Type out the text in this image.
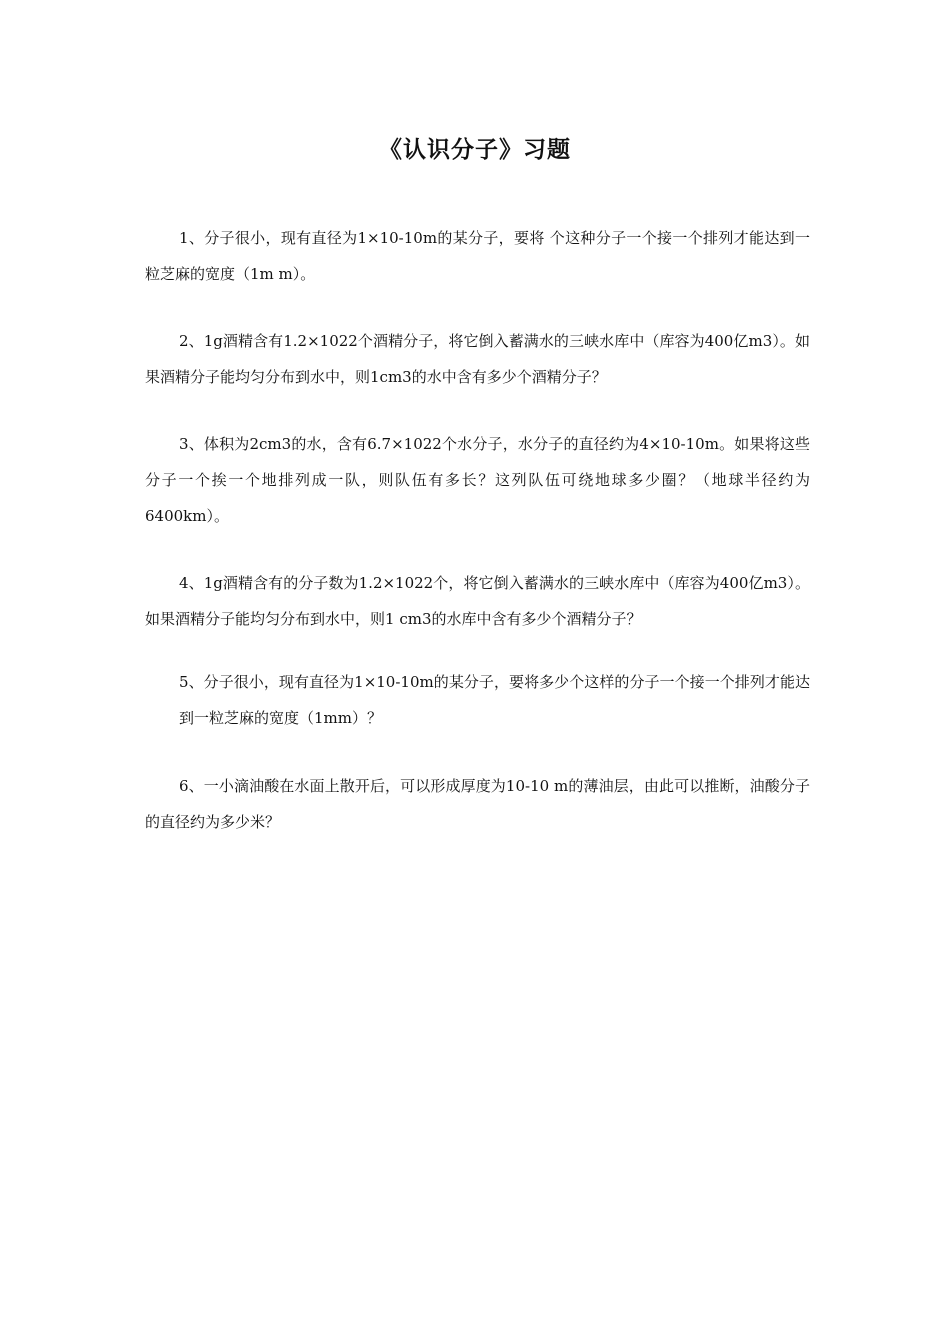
《认识分子》习题

1、分子很小，现有直径为1×10-10m的某分子，要将 个这种分子一个接一个排列才能达到一粒芝麻的宽度（1m m）。

2、1g酒精含有1.2×1022个酒精分子，将它倒入蓄满水的三峡水库中（库容为400亿m3）。如果酒精分子能均匀分布到水中，则1cm3的水中含有多少个酒精分子？

3、体积为2cm3的水，含有6.7×1022个水分子，水分子的直径约为4×10-10m。如果将这些分子一个挨一个地排列成一队，则队伍有多长？这列队伍可绕地球多少圈？（地球半径约为6400km）。

4、1g酒精含有的分子数为1.2×1022个，将它倒入蓄满水的三峡水库中（库容为400亿m3）。如果酒精分子能均匀分布到水中，则1 cm3的水库中含有多少个酒精分子？

5、分子很小，现有直径为1×10-10m的某分子，要将多少个这样的分子一个接一个排列才能达到一粒芝麻的宽度（1mm）？

6、一小滴油酸在水面上散开后，可以形成厚度为10-10 m的薄油层，由此可以推断，油酸分子的直径约为多少米？
